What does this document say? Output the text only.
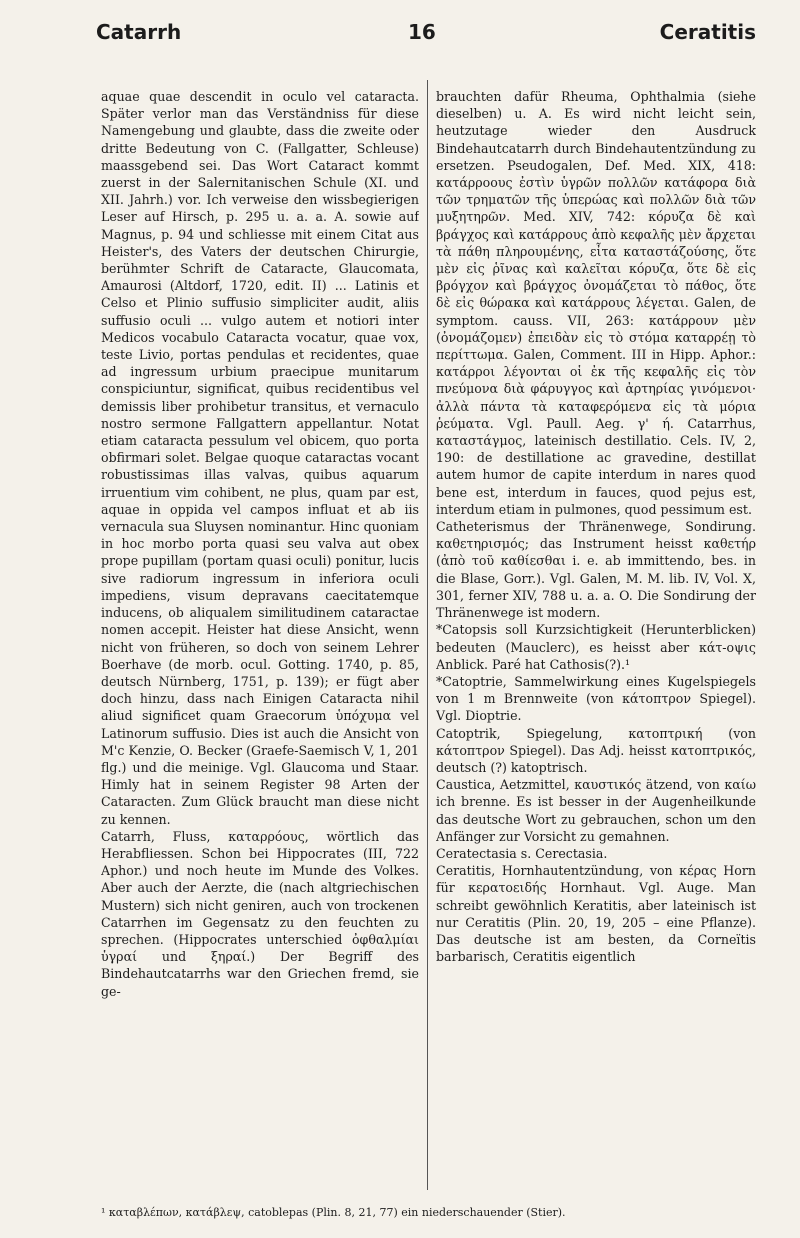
Catarrh	16	Ceratitis

aquae quae descendit in oculo vel cataracta. Später verlor man das Verständniss für diese Namengebung und glaubte, dass die zweite oder dritte Bedeutung von C. (Fallgatter, Schleuse) maassgebend sei. Das Wort Cataract kommt zuerst in der Salernitanischen Schule (XI. und XII. Jahrh.) vor. Ich verweise den wissbegierigen Leser auf Hirsch, p. 295 u. a. a. A. sowie auf Magnus, p. 94 und schliesse mit einem Citat aus Heister's, des Vaters der deutschen Chirurgie, berühmter Schrift de Cataracte, Glaucomata, Amaurosi (Altdorf, 1720, edit. II) ... Latinis et Celso et Plinio suffusio simpliciter audit, aliis suffusio oculi ... vulgo autem et notiori inter Medicos vocabulo Cataracta vocatur, quae vox, teste Livio, portas pendulas et recidentes, quae ad ingressum urbium praecipue munitarum conspiciuntur, significat, quibus recidentibus vel demissis liber prohibetur transitus, et vernaculo nostro sermone Fallgattern appellantur. Notat etiam cataracta pessulum vel obicem, quo porta obfirmari solet. Belgae quoque cataractas vocant robustissimas illas valvas, quibus aquarum irruentium vim cohibent, ne plus, quam par est, aquae in oppida vel campos influat et ab iis vernacula sua Sluysen nominantur. Hinc quoniam in hoc morbo porta quasi seu valva aut obex prope pupillam (portam quasi oculi) ponitur, lucis sive radiorum ingressum in inferiora oculi impediens, visum depravans caecitatemque inducens, ob aliqualem similitudinem cataractae nomen accepit. Heister hat diese Ansicht, wenn nicht von früheren, so doch von seinem Lehrer Boerhave (de morb. ocul. Gotting. 1740, p. 85, deutsch Nürnberg, 1751, p. 139); er fügt aber doch hinzu, dass nach Einigen Cataracta nihil aliud significet quam Graecorum ὑπόχυμα vel Latinorum suffusio. Dies ist auch die Ansicht von M'c Kenzie, O. Becker (Graefe-Saemisch V, 1, 201 flg.) und die meinige. Vgl. Glaucoma und Staar. Himly hat in seinem Register 98 Arten der Cataracten. Zum Glück braucht man diese nicht zu kennen.

Catarrh, Fluss, καταρρόους, wörtlich das Herabfliessen. Schon bei Hippocrates (III, 722 Aphor.) und noch heute im Munde des Volkes. Aber auch der Aerzte, die (nach altgriechischen Mustern) sich nicht geniren, auch von trockenen Catarrhen im Gegensatz zu den feuchten zu sprechen. (Hippocrates unterschied ὀφθαλμίαι ὑγραί und ξηραί.) Der Begriff des Bindehautcatarrhs war den Griechen fremd, sie ge-

brauchten dafür Rheuma, Ophthalmia (siehe dieselben) u. A. Es wird nicht leicht sein, heutzutage wieder den Ausdruck Bindehautcatarrh durch Bindehautentzündung zu ersetzen. Pseudogalen, Def. Med. XIX, 418: κατάρροους ἐστὶν ὑγρῶν πολλῶν κατάφορα διὰ τῶν τρηματῶν τῆς ὑπερώας καὶ πολλῶν διὰ τῶν μυξητηρῶν. Med. XIV, 742: κόρυζα δὲ καὶ βράγχος καὶ κατάρρους ἀπὸ κεφαλῆς μὲν ἄρχεται τὰ πάθη πληρουμένης, εἶτα καταστάζούσης, ὅτε μὲν εἰς ῥῖνας καὶ καλεῖται κόρυζα, ὅτε δὲ εἰς βρόγχον καὶ βράγχος ὀνομάζεται τὸ πάθος, ὅτε δὲ εἰς θώρακα καὶ κατάρρους λέγεται. Galen, de symptom. causs. VII, 263: κατάρρουν μὲν (ὀνομάζομεν) ἐπειδὰν εἰς τὸ στόμα καταρρέῃ τὸ περίττωμα. Galen, Comment. III in Hipp. Aphor.: κατάρροι λέγονται οἱ ἐκ τῆς κεφαλῆς εἰς τὸν πνεύμονα διὰ φάρυγγος καὶ ἀρτηρίας γινόμενοι· ἀλλὰ πάντα τὰ καταφερόμενα εἰς τὰ μόρια ῥεύματα. Vgl. Paull. Aeg. γ' ή. Catarrhus, καταστάγμος, lateinisch destillatio. Cels. IV, 2, 190: de destillatione ac gravedine, destillat autem humor de capite interdum in nares quod bene est, interdum in fauces, quod pejus est, interdum etiam in pulmones, quod pessimum est.

Catheterismus der Thränenwege, Sondirung. καθετηρισμός; das Instrument heisst καθετήρ (ἀπὸ τοῦ καθίεσθαι i. e. ab immittendo, bes. in die Blase, Gorr.). Vgl. Galen, M. M. lib. IV, Vol. X, 301, ferner XIV, 788 u. a. a. O. Die Sondirung der Thränenwege ist modern.

*Catopsis soll Kurzsichtigkeit (Herunterblicken) bedeuten (Mauclerc), es heisst aber κάτ-οψις Anblick. Paré hat Cathosis(?).¹

*Catoptrie, Sammelwirkung eines Kugelspiegels von 1 m Brennweite (von κάτοπτρον Spiegel). Vgl. Dioptrie.

Catoptrik, Spiegelung, κατοπτρική (von κάτοπτρον Spiegel). Das Adj. heisst κατοπτρικός, deutsch (?) katoptrisch.

Caustica, Aetzmittel, καυστικός ätzend, von καίω ich brenne. Es ist besser in der Augenheilkunde das deutsche Wort zu gebrauchen, schon um den Anfänger zur Vorsicht zu gemahnen.

Ceratectasia s. Cerectasia.

Ceratitis, Hornhautentzündung, von κέρας Horn für κερατοειδής Hornhaut. Vgl. Auge. Man schreibt gewöhnlich Keratitis, aber lateinisch ist nur Ceratitis (Plin. 20, 19, 205 – eine Pflanze). Das deutsche ist am besten, da Corneïtis barbarisch, Ceratitis eigentlich

¹ καταβλέπων, κατάβλεψ, catoblepas (Plin. 8, 21, 77) ein niederschauender (Stier).
